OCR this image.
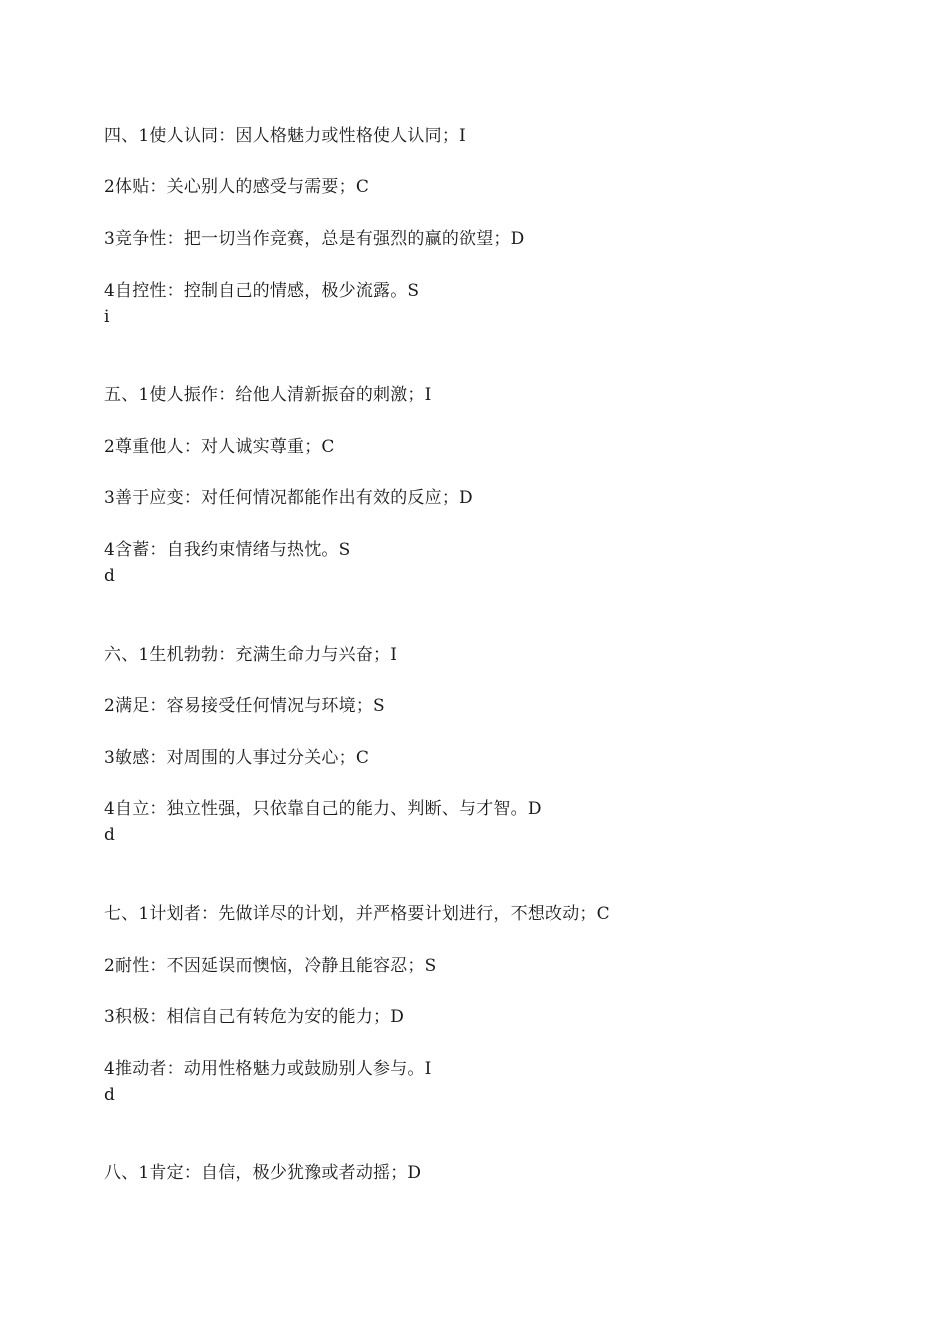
四、1使人认同：因人格魅力或性格使人认同；I
2体贴：关心别人的感受与需要；C
3竞争性：把一切当作竞赛，总是有强烈的赢的欲望；D
4自控性：控制自己的情感，极少流露。S
i
五、1使人振作：给他人清新振奋的刺激；I
2尊重他人：对人诚实尊重；C
3善于应变：对任何情况都能作出有效的反应；D
4含蓄：自我约束情绪与热忱。S
d
六、1生机勃勃：充满生命力与兴奋；I
2满足：容易接受任何情况与环境；S
3敏感：对周围的人事过分关心；C
4自立：独立性强，只依靠自己的能力、判断、与才智。D
d
七、1计划者：先做详尽的计划，并严格要计划进行，不想改动；C
2耐性：不因延误而懊恼，冷静且能容忍；S
3积极：相信自己有转危为安的能力；D
4推动者：动用性格魅力或鼓励别人参与。I
d
八、1肯定：自信，极少犹豫或者动摇；D
